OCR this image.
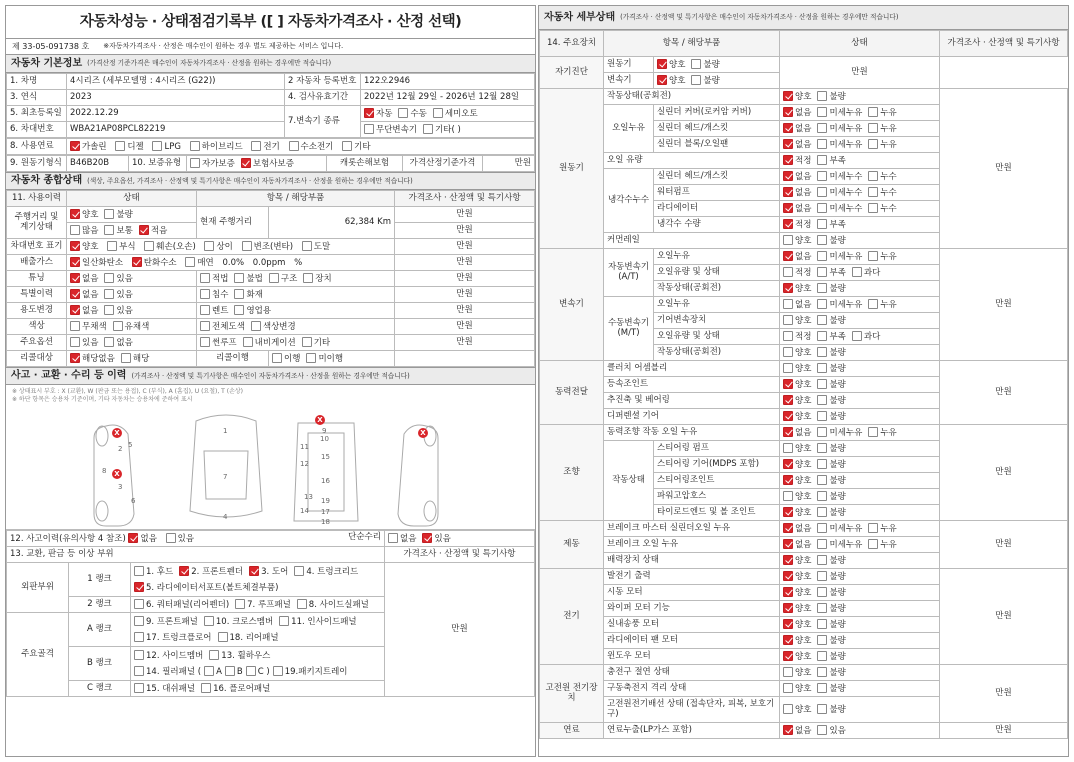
자동차성능 · 상태점검기록부 ([ ] 자동차가격조사 · 산정 선택)
제 33-05-091738 호 ※자동차가격조사 · 산정은 매수인이 원하는 경우 별도 제공하는 서비스 입니다.
자동차 기본정보 (가격산정 기준가격은 매수인이 자동차가격조사 · 산정을 원하는 경우에만 적습니다)
1. 차명	4시리즈 (세부모델명 : 4시리즈 (G22))	2 자동차 등록번호	122오2946
3. 연식	2023	4. 검사유효기간	2022년 12월 29일 - 2026년 12월 28일
5. 최초등록일	2022.12.29	7.변속기 종류	자동 수동 세미오토
6. 차대번호	WBA21AP08PCL82219		무단변속기 기타( )
8. 사용연료	가솔린 디젤 LPG 하이브리드 전기 수소전기 기타
9. 원동기형식	B46B20B	10. 보증유형	자가보증 보험사보증	캐롯손해보험	가격산정기준가격	만원
자동차 종합상태 (색상, 주요옵션, 가격조사 · 산정액 및 특기사항은 매수인이 자동차가격조사 · 산정을 원하는 경우에만 적습니다)
11. 사용이력	상태	항목 / 해당부품		가격조사 · 산정액 및 특기사항
주행거리 및 계기상태	양호 불량	현재 주행거리	62,384 Km	만원
	많음 보통 적음			만원
차대번호 표기	양호 부식 훼손(오손) 상이 변조(변타) 도말			만원
배출가스	일산화탄소 탄화수소 매연 0.0% 0.0ppm %			만원
튜닝	없음 있음	적법 불법 구조 장치		만원
특별이력	없음 있음	침수 화재		만원
용도변경	없음 있음	렌트 영업용		만원
색상	무채색 유채색	전체도색 색상변경		만원
주요옵션	있음 없음	썬루프 내비게이션 기타		만원
리콜대상	해당없음 해당	리콜이행	이행 미이행	
사고 · 교환 · 수리 등 이력 (가격조사 · 산정액 및 특기사항은 매수인이 자동차가격조사 · 산정을 원하는 경우에만 적습니다)
※ 상태표시 부호 : X (교환), W (판금 또는 용접), C (부식), A (흠집), U (요철), T (손상)
※ 하단 항목은 승용차 기준이며, 기타 자동차는 승용차에 준하여 표시
1
7
4
2 5
8
3
6
9
10
11
12
16
19
17
15
13
14
18
X
X
X
X
12. 사고이력(유의사항 4 참조) 없음 있음 단순수리			없음 있음
13. 교환, 판금 등 이상 부위			가격조사 · 산정액 및 특기사항
외판부위	1 랭크	1. 후드 2. 프론트펜더 3. 도어 4. 트렁크리드
5. 라디에이터서포트(볼트체결부품)	만원
	2 랭크	6. 쿼터패널(리어펜더) 7. 루프패널 8. 사이드실패널	
주요골격	A 랭크	9. 프론트패널 10. 크로스멤버 11. 인사이드패널
17. 트렁크플로어 18. 리어패널	
	B 랭크	12. 사이드멤버 13. 휠하우스
14. 필러패널 ( A B C ) 19.패키지트레이	
	C 랭크	15. 대쉬패널 16. 플로어패널	
자동차 세부상태 (가격조사 · 산정액 및 특기사항은 매수인이 자동차가격조사 · 산정을 원하는 경우에만 적습니다)
14. 주요장치	항목 / 해당부품		상태	가격조사 · 산정액 및 특기사항
자기진단	원동기	양호 불량	만원	
	변속기	양호 불량		
원동기	작동상태(공회전)		양호 불량	만원
	오일누유	실린더 커버(로커암 커버)	없음 미세누유 누유	
		실린더 헤드/개스킷	없음 미세누유 누유	
		실린더 블록/오일팬	없음 미세누유 누유	
	오일 유량		적정 부족	
	냉각수누수	실린더 헤드/개스킷	없음 미세누수 누수	
		워터펌프	없음 미세누수 누수	
		라디에이터	없음 미세누수 누수	
		냉각수 수량	적정 부족	
	커먼레일		양호 불량	
변속기	자동변속기 (A/T)	오일누유	없음 미세누유 누유	만원
		오일유량 및 상태	적정 부족 과다	
		작동상태(공회전)	양호 불량	
	수동변속기 (M/T)	오일누유	없음 미세누유 누유	
		기어변속장치	양호 불량	
		오일유량 및 상태	적정 부족 과다	
		작동상태(공회전)	양호 불량	
동력전달	클러치 어셈블리		양호 불량	만원
	등속조인트		양호 불량	
	추진축 및 베어링		양호 불량	
	디퍼렌셜 기어		양호 불량	
조향	동력조향 작동 오일 누유		없음 미세누유 누유	만원
	작동상태	스티어링 펌프	양호 불량	
		스티어링 기어(MDPS 포함)	양호 불량	
		스티어링조인트	양호 불량	
		파워고압호스	양호 불량	
		타이로드엔드 및 볼 조인트	양호 불량	
제동	브레이크 마스터 실린더오일 누유		없음 미세누유 누유	만원
	브레이크 오일 누유		없음 미세누유 누유	
	배력장치 상태		양호 불량	
전기	발전기 출력		양호 불량	만원
	시동 모터		양호 불량	
	와이퍼 모터 기능		양호 불량	
	실내송풍 모터		양호 불량	
	라디에이터 팬 모터		양호 불량	
	윈도우 모터		양호 불량	
고전원 전기장치	충전구 절연 상태		양호 불량	만원
	구동축전지 격리 상태		양호 불량	
	고전원전기배선 상태 (접속단자, 피복, 보호기구)		양호 불량	
연료	연료누출(LP가스 포함)		없음 있음	만원
